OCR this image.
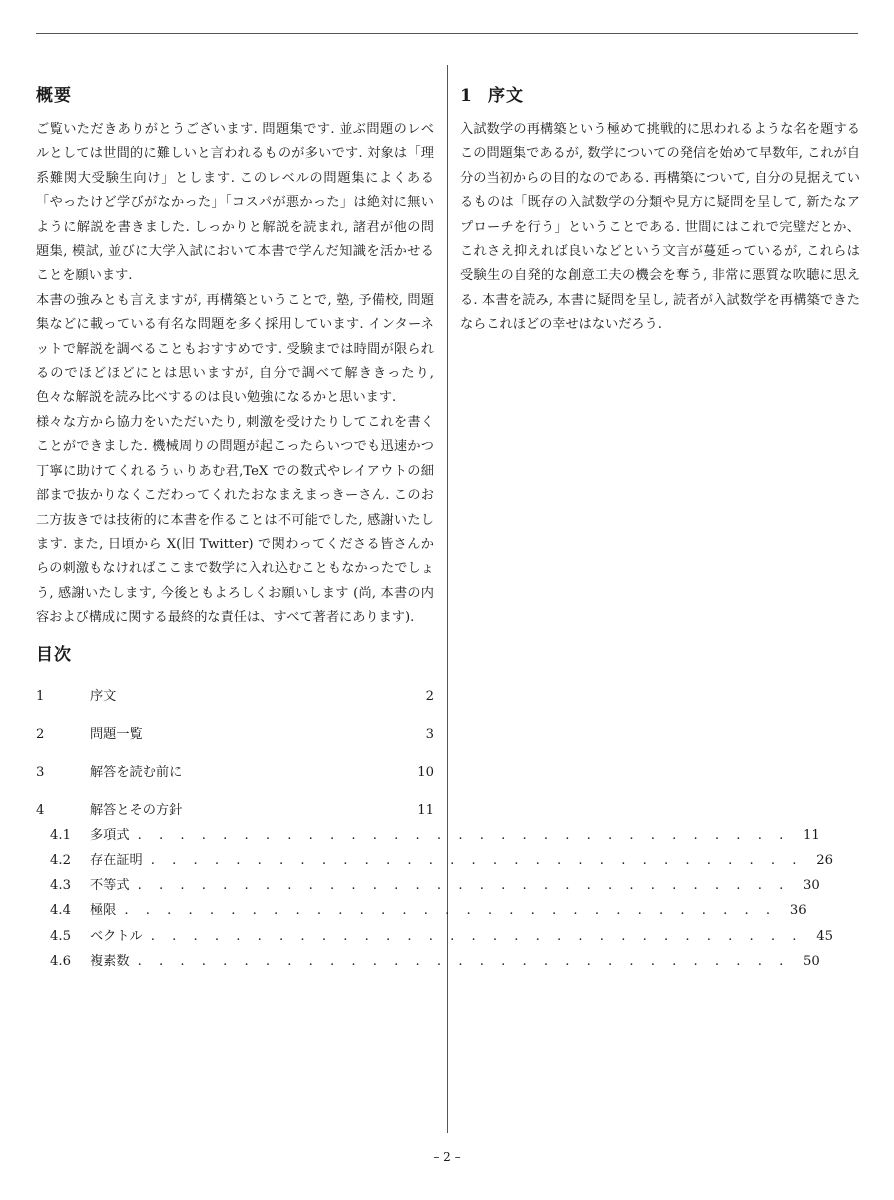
概要

ご覧いただきありがとうございます. 問題集です. 並ぶ問題のレベルとしては世間的に難しいと言われるものが多いです. 対象は「理系難関大受験生向け」とします. このレベルの問題集によくある「やったけど学びがなかった」「コスパが悪かった」は絶対に無いように解説を書きました. しっかりと解説を読まれ, 諸君が他の問題集, 模試, 並びに大学入試において本書で学んだ知識を活かせることを願います.

本書の強みとも言えますが, 再構築ということで, 塾, 予備校, 問題集などに載っている有名な問題を多く採用しています. インターネットで解説を調べることもおすすめです. 受験までは時間が限られるのでほどほどにとは思いますが, 自分で調べて解ききったり, 色々な解説を読み比べするのは良い勉強になるかと思います.

様々な方から協力をいただいたり, 刺激を受けたりしてこれを書くことができました. 機械周りの問題が起こったらいつでも迅速かつ丁寧に助けてくれるうぃりあむ君,TeX での数式やレイアウトの細部まで抜かりなくこだわってくれたおなまえまっきーさん. このお二方抜きでは技術的に本書を作ることは不可能でした, 感謝いたします. また, 日頃から X(旧 Twitter) で関わってくださる皆さんからの刺激もなければここまで数学に入れ込むこともなかったでしょう, 感謝いたします, 今後ともよろしくお願いします (尚, 本書の内容および構成に関する最終的な責任は、すべて著者にあります).

目次
1	序文	2
2	問題一覧	3
3	解答を読む前に	10
4	解答とその方針	11
4.1	多項式 . . . . . . . . . . . . . . . . . . . . . . . . . . . . . . .	11
4.2	存在証明 . . . . . . . . . . . . . . . . . . . . . . . . . . . . . . .	26
4.3	不等式 . . . . . . . . . . . . . . . . . . . . . . . . . . . . . . .	30
4.4	極限 . . . . . . . . . . . . . . . . . . . . . . . . . . . . . . .	36
4.5	ベクトル . . . . . . . . . . . . . . . . . . . . . . . . . . . . . . .	45
4.6	複素数 . . . . . . . . . . . . . . . . . . . . . . . . . . . . . . .	50
1 序文

入試数学の再構築という極めて挑戦的に思われるような名を題するこの問題集であるが, 数学についての発信を始めて早数年, これが自分の当初からの目的なのである. 再構築について, 自分の見据えているものは「既存の入試数学の分類や見方に疑問を呈して, 新たなアプローチを行う」ということである. 世間にはこれで完璧だとか、これさえ抑えれば良いなどという文言が蔓延っているが, これらは受験生の自発的な創意工夫の機会を奪う, 非常に悪質な吹聴に思える. 本書を読み, 本書に疑問を呈し, 読者が入試数学を再構築できたならこれほどの幸せはないだろう.

– 2 –
